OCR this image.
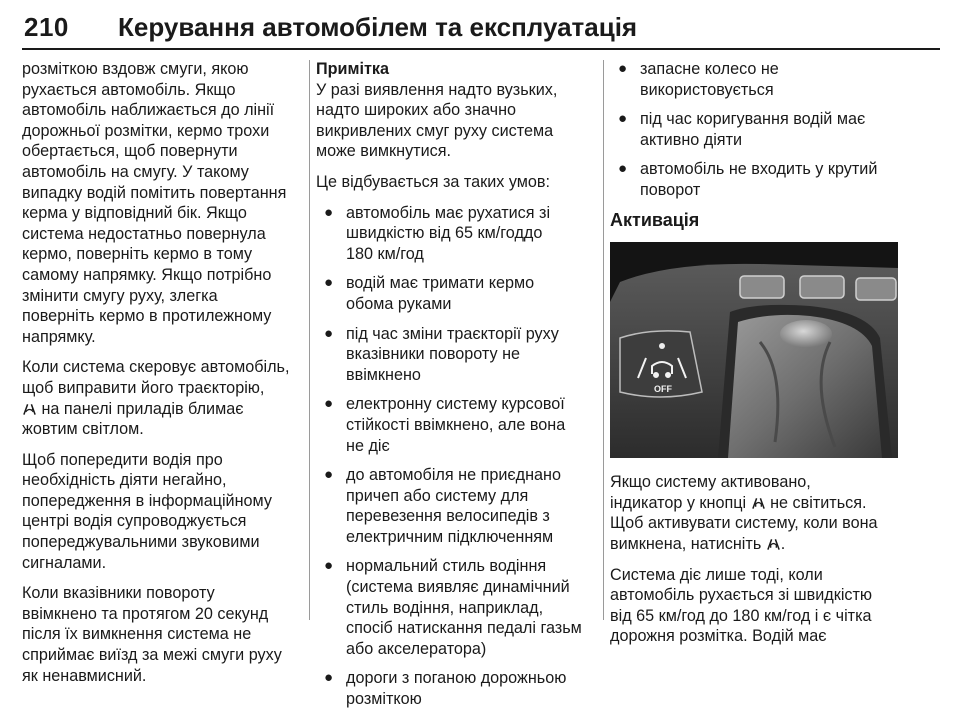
210 Керування автомобілем та експлуатація

розміткою вздовж смуги, якою
рухається автомобіль. Якщо
автомобіль наближається до лінії
дорожньої розмітки, кермо трохи
обертається, щоб повернути
автомобіль на смугу. У такому
випадку водій помітить повертання
керма у відповідний бік. Якщо
система недостатньо повернула
кермо, поверніть кермо в тому
самому напрямку. Якщо потрібно
змінити смугу руху, злегка
поверніть кермо в протилежному
напрямку.

Коли система скеровує автомобіль,
щоб виправити його траєкторію,
на панелі приладів блимає
жовтим світлом.

Щоб попередити водія про
необхідність діяти негайно,
попередження в інформаційному
центрі водія супроводжується
попереджувальними звуковими
сигналами.

Коли вказівники повороту
ввімкнено та протягом 20 секунд
після їх вимкнення система не
сприймає виїзд за межі смуги руху
як ненавмисний.

Примітка
У разі виявлення надто вузьких,
надто широких або значно
викривлених смуг руху система
може вимкнутися.

Це відбувається за таких умов:

● автомобіль має рухатися зі
швидкістю від 65 км/годдо
180 км/год
● водій має тримати кермо
обома руками
● під час зміни траєкторії руху
вказівники повороту не
ввімкнено
● електронну систему курсової
стійкості ввімкнено, але вона
не діє
● до автомобіля не приєднано
причеп або систему для
перевезення велосипедів з
електричним підключенням
● нормальний стиль водіння
(система виявляє динамічний
стиль водіння, наприклад,
спосіб натискання педалі газьм
або акселератора)
● дороги з поганою дорожньою
розміткою
● запасне колесо не
використовується
● під час коригування водій має
активно діяти
● автомобіль не входить у крутий
поворот
Активація
OFF

Якщо систему активовано,
індикатор у кнопці  не світиться.
Щоб активувати систему, коли вона
вимкнена, натисніть .

Система діє лише тоді, коли
автомобіль рухається зі швидкістю
від 65 км/год до 180 км/год і є чітка
дорожня розмітка. Водій має
